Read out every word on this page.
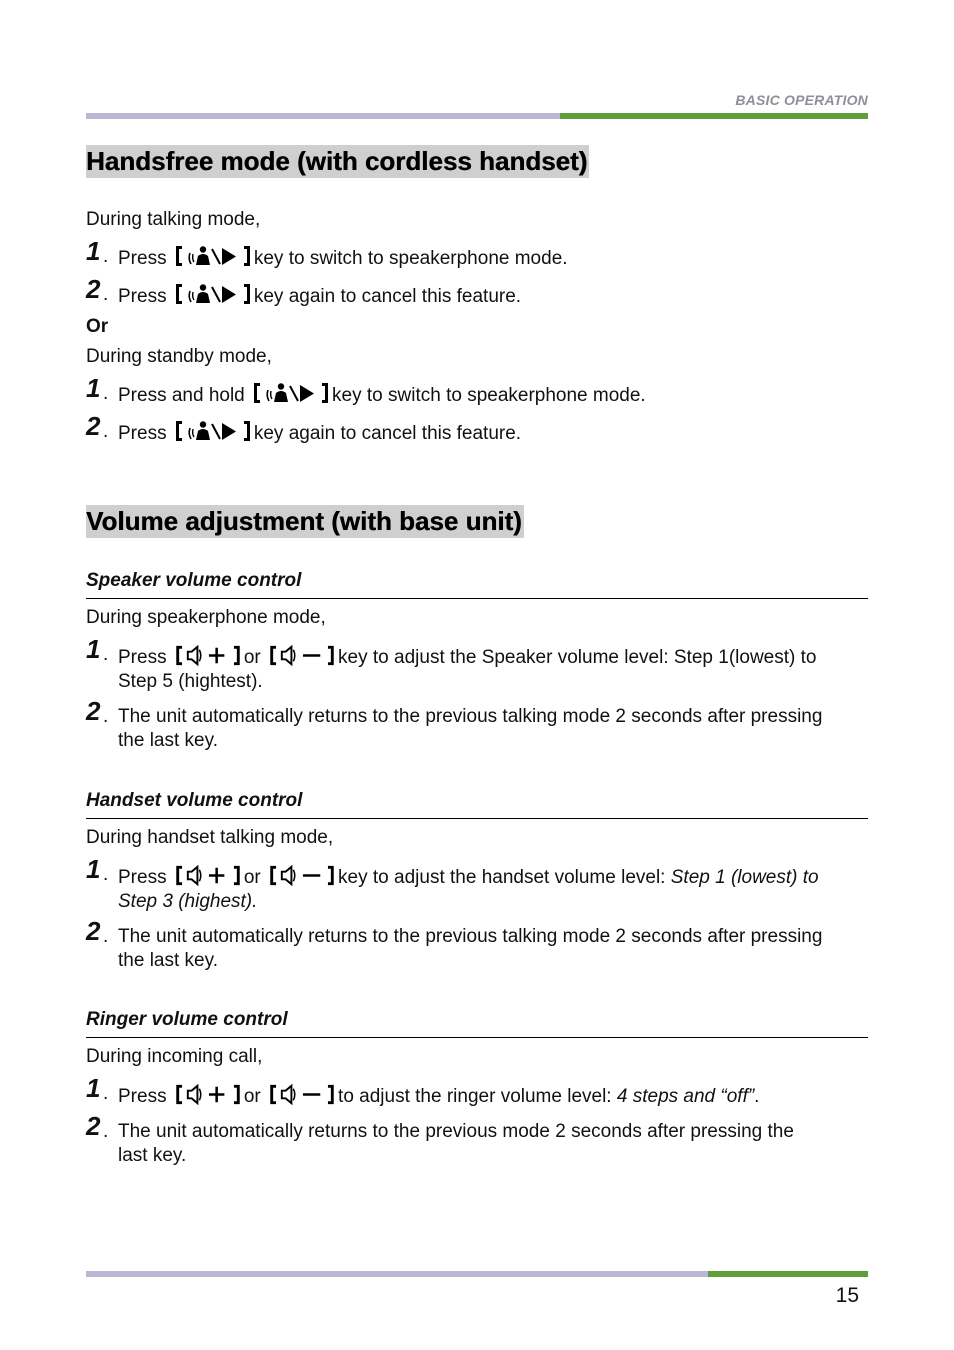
BASIC OPERATION
Handsfree mode (with cordless handset)
During talking mode,
1 . Press	key to switch to speakerphone mode.
2 . Press	key again to cancel this feature.
Or
During standby mode,
1 . Press and hold	key to switch to speakerphone mode.
2 . Press	key again to cancel this feature.
Volume adjustment (with base unit)
Speaker volume control
During speakerphone mode,
1 . Press	or	key to adjust the Speaker volume level: Step 1(lowest) to
Step 5 (hightest).
2 . The unit automatically returns to the previous talking mode 2 seconds after pressing
the last key.
Handset volume control
During handset talking mode,
1 . Press	or	key to adjust the handset volume level: Step 1 (lowest) to
Step 3 (highest).
2 . The unit automatically returns to the previous talking mode 2 seconds after pressing
the last key.
Ringer volume control
During incoming call,
1 . Press	or	to adjust the ringer volume level: 4 steps and “off”.
2 . The unit automatically returns to the previous mode 2 seconds after pressing the
last key.
15
